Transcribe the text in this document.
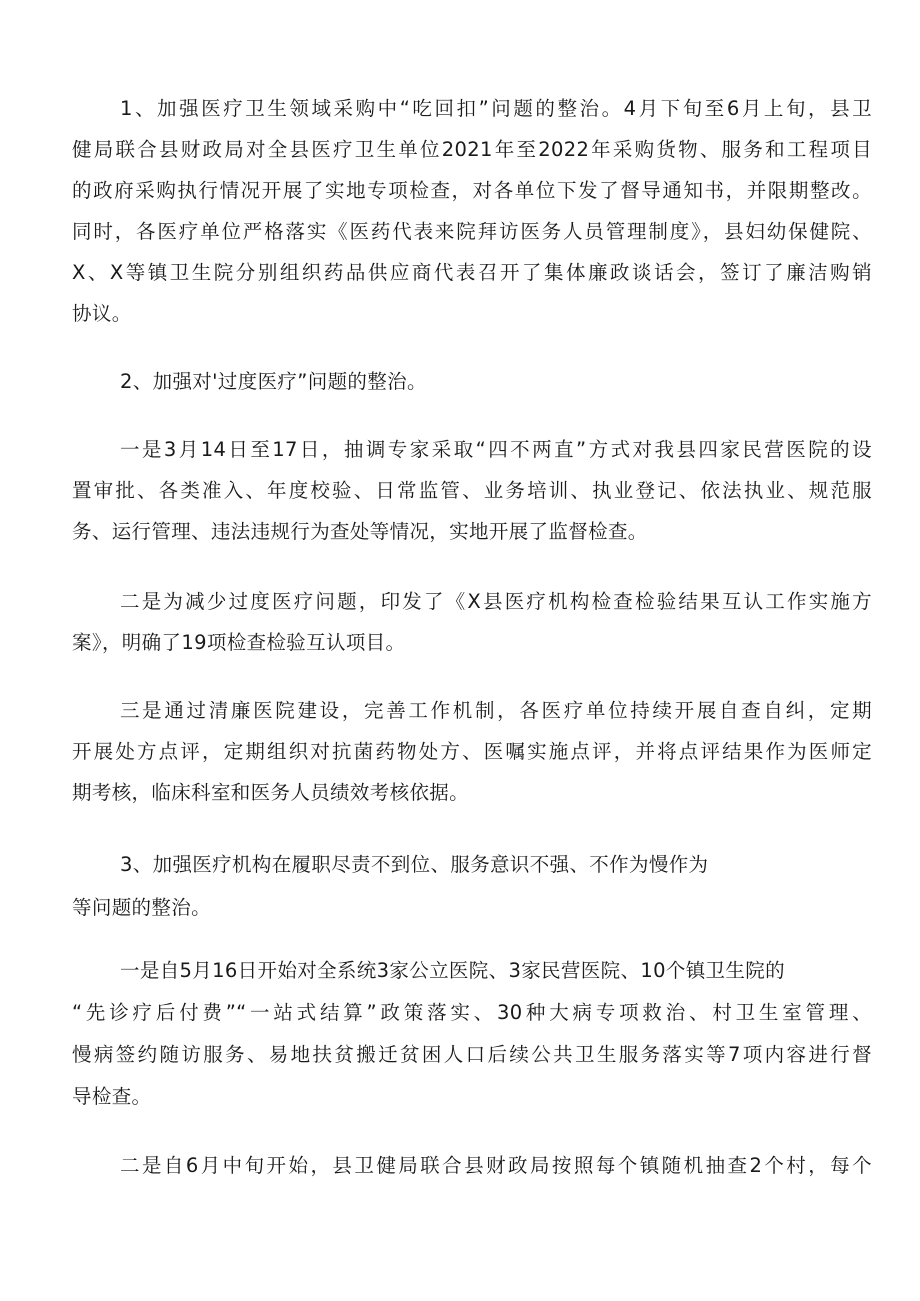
1、加强医疗卫生领域采购中“吃回扣”问题的整治。4月下旬至6月上旬，县卫
健局联合县财政局对全县医疗卫生单位2021年至2022年采购货物、服务和工程项目
的政府采购执行情况开展了实地专项检查，对各单位下发了督导通知书，并限期整改。
同时，各医疗单位严格落实《医药代表来院拜访医务人员管理制度》，县妇幼保健院、
X、X等镇卫生院分别组织药品供应商代表召开了集体廉政谈话会，签订了廉洁购销
协议。
2、加强对'过度医疗”问题的整治。
一是3月14日至17日，抽调专家采取“四不两直”方式对我县四家民营医院的设
置审批、各类准入、年度校验、日常监管、业务培训、执业登记、依法执业、规范服
务、运行管理、违法违规行为查处等情况，实地开展了监督检查。
二是为减少过度医疗问题，印发了《X县医疗机构检查检验结果互认工作实施方
案》，明确了19项检查检验互认项目。
三是通过清廉医院建设，完善工作机制，各医疗单位持续开展自查自纠，定期
开展处方点评，定期组织对抗菌药物处方、医嘱实施点评，并将点评结果作为医师定
期考核，临床科室和医务人员绩效考核依据。
3、加强医疗机构在履职尽责不到位、服务意识不强、不作为慢作为
等问题的整治。
一是自5月16日开始对全系统3家公立医院、3家民营医院、10个镇卫生院的
“先诊疗后付费”“一站式结算”政策落实、30种大病专项救治、村卫生室管理、
慢病签约随访服务、易地扶贫搬迁贫困人口后续公共卫生服务落实等7项内容进行督
导检查。
二是自6月中旬开始，县卫健局联合县财政局按照每个镇随机抽查2个村，每个
